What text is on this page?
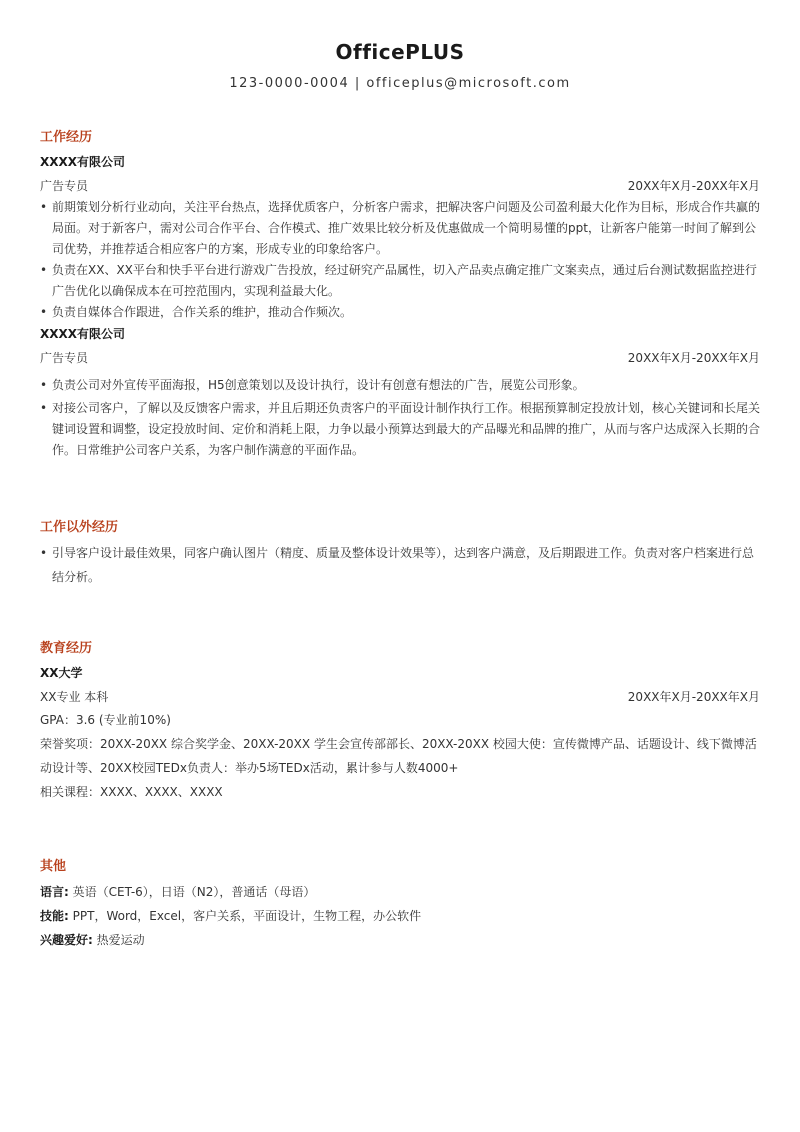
OfficePLUS
123-0000-0004 | officeplus@microsoft.com
工作经历
XXXX有限公司
广告专员	20XX年X月-20XX年X月
• 前期策划分析行业动向，关注平台热点，选择优质客户，分析客户需求，把解决客户问题及公司盈利最大化作为目标，形成合作共赢的局面。对于新客户，需对公司合作平台、合作模式、推广效果比较分析及优惠做成一个简明易懂的ppt，让新客户能第一时间了解到公司优势，并推荐适合相应客户的方案，形成专业的印象给客户。
• 负责在XX、XX平台和快手平台进行游戏广告投放，经过研究产品属性，切入产品卖点确定推广文案卖点，通过后台测试数据监控进行广告优化以确保成本在可控范围内，实现利益最大化。
• 负责自媒体合作跟进，合作关系的维护，推动合作频次。
XXXX有限公司
广告专员	20XX年X月-20XX年X月
• 负责公司对外宣传平面海报，H5创意策划以及设计执行，设计有创意有想法的广告，展览公司形象。
• 对接公司客户，了解以及反馈客户需求，并且后期还负责客户的平面设计制作执行工作。根据预算制定投放计划，核心关键词和长尾关键词设置和调整，设定投放时间、定价和消耗上限，力争以最小预算达到最大的产品曝光和品牌的推广，从而与客户达成深入长期的合作。日常维护公司客户关系，为客户制作满意的平面作品。
工作以外经历
• 引导客户设计最佳效果，同客户确认图片（精度、质量及整体设计效果等），达到客户满意，及后期跟进工作。负责对客户档案进行总结分析。
教育经历
XX大学
XX专业 本科	20XX年X月-20XX年X月
GPA：3.6 (专业前10%)
荣誉奖项：20XX-20XX 综合奖学金、20XX-20XX 学生会宣传部部长、20XX-20XX 校园大使：宣传微博产品、话题设计、线下微博活动设计等、20XX校园TEDx负责人：举办5场TEDx活动，累计参与人数4000+
相关课程：XXXX、XXXX、XXXX
其他
语言: 英语（CET-6），日语（N2），普通话（母语）
技能: PPT，Word，Excel，客户关系，平面设计，生物工程，办公软件
兴趣爱好: 热爱运动
